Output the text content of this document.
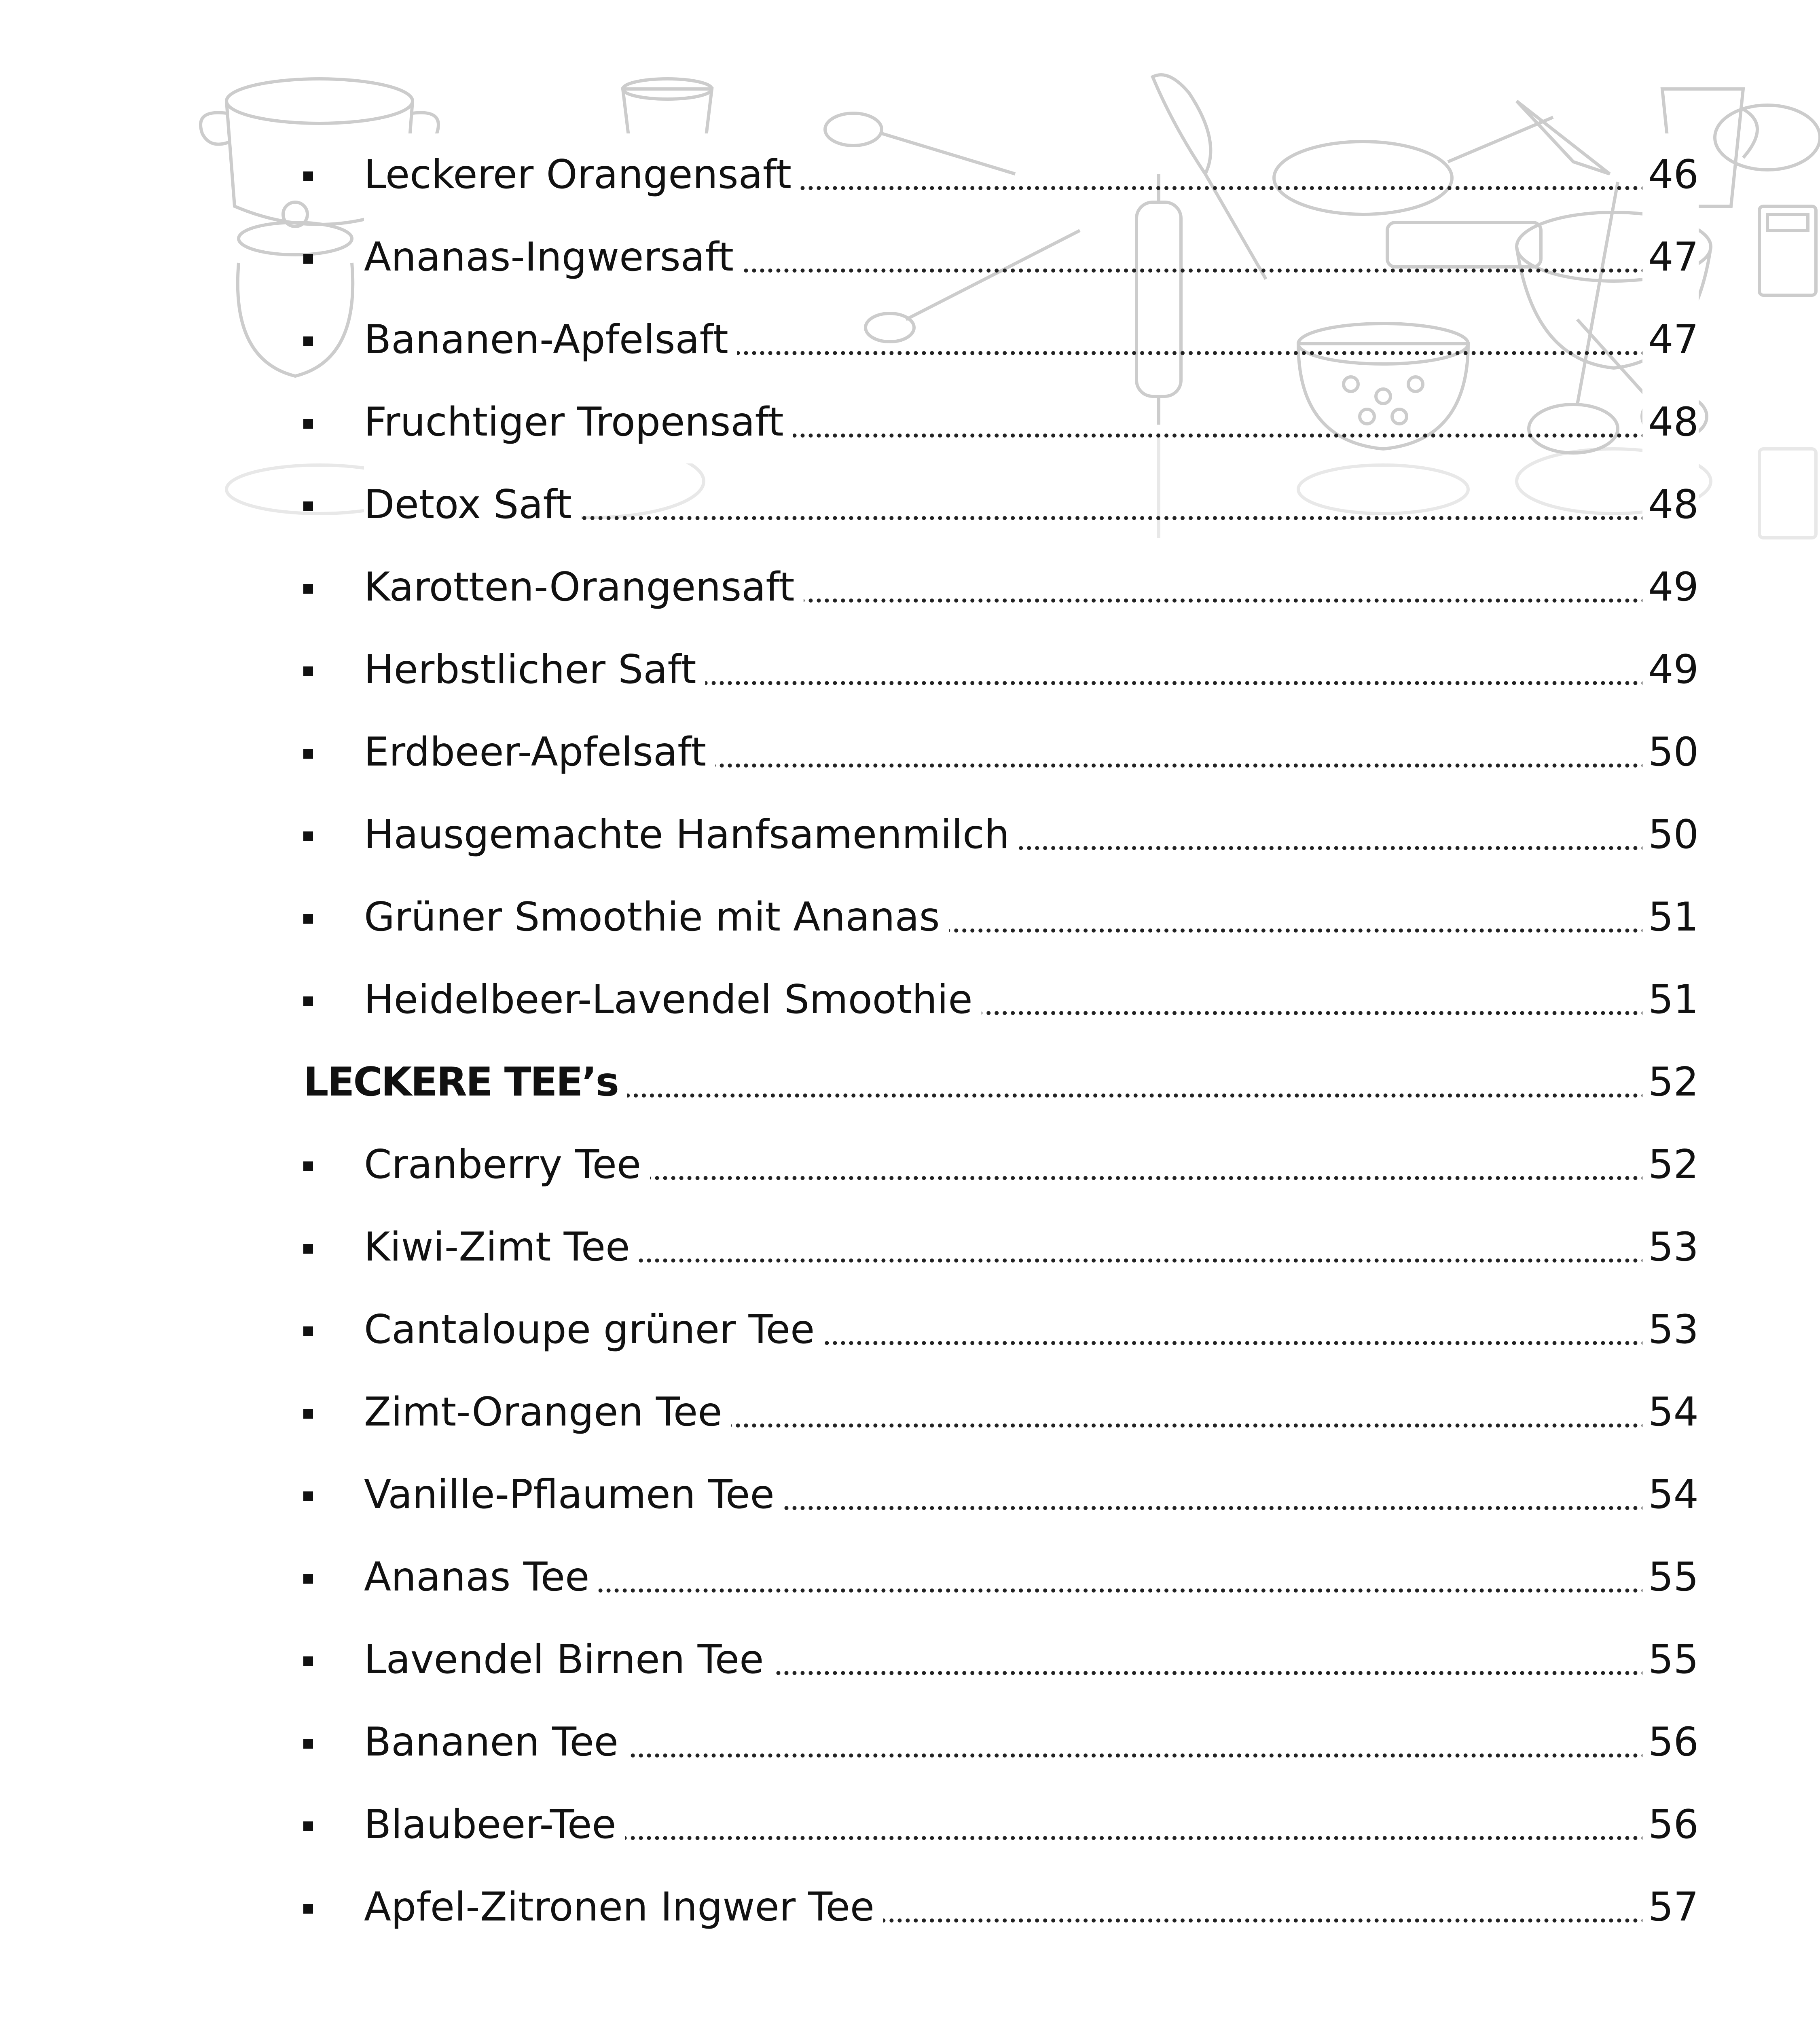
Leckerer Orangensaft	46
Ananas-Ingwersaft	47
Bananen-Apfelsaft	47
Fruchtiger Tropensaft	48
Detox Saft	48
Karotten-Orangensaft	49
Herbstlicher Saft	49
Erdbeer-Apfelsaft	50
Hausgemachte Hanfsamenmilch	50
Grüner Smoothie mit Ananas	51
Heidelbeer-Lavendel Smoothie	51
LECKERE TEE’s	52
Cranberry Tee	52
Kiwi-Zimt Tee	53
Cantaloupe grüner Tee	53
Zimt-Orangen Tee	54
Vanille-Pflaumen Tee	54
Ananas Tee	55
Lavendel Birnen Tee	55
Bananen Tee	56
Blaubeer-Tee	56
Apfel-Zitronen Ingwer Tee	57
